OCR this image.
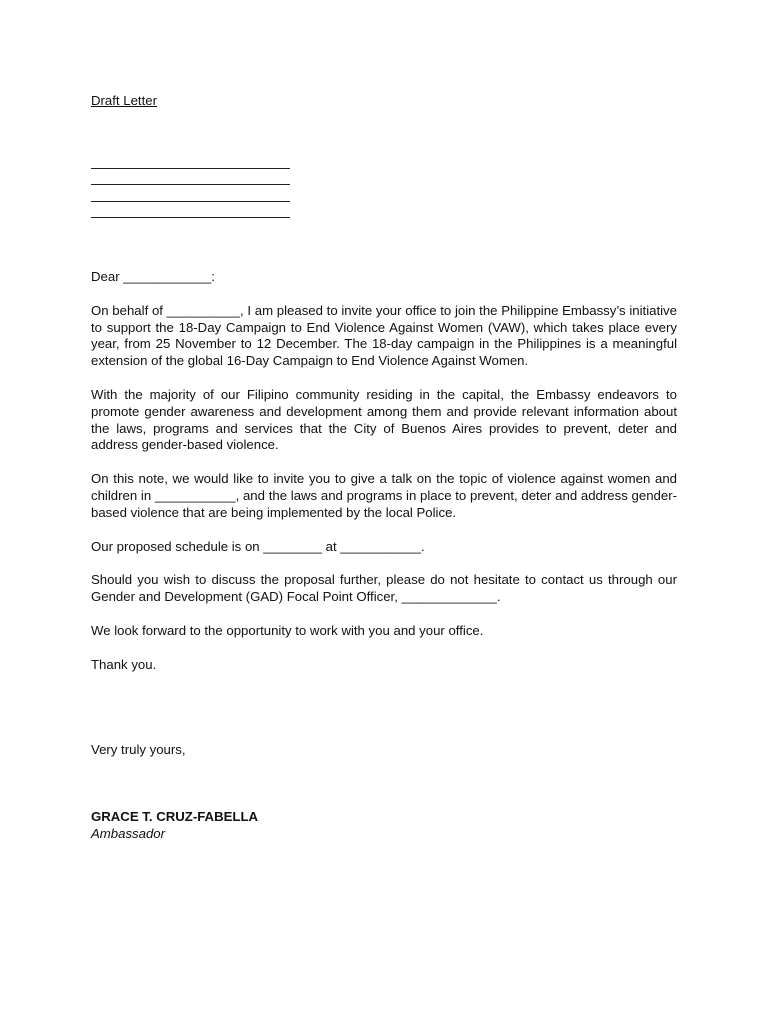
Draft Letter
Dear ____________:

On behalf of __________, I am pleased to invite your office to join the Philippine Embassy’s initiative to support the 18-Day Campaign to End Violence Against Women (VAW), which takes place every year, from 25 November to 12 December. The 18-day campaign in the Philippines is a meaningful extension of the global 16-Day Campaign to End Violence Against Women.

With the majority of our Filipino community residing in the capital, the Embassy endeavors to promote gender awareness and development among them and provide relevant information about the laws, programs and services that the City of Buenos Aires provides to prevent, deter and address gender-based violence.

On this note, we would like to invite you to give a talk on the topic of violence against women and children in ___________, and the laws and programs in place to prevent, deter and address gender-based violence that are being implemented by the local Police.

Our proposed schedule is on ________ at ___________.

Should you wish to discuss the proposal further, please do not hesitate to contact us through our Gender and Development (GAD) Focal Point Officer, _____________.

We look forward to the opportunity to work with you and your office.

Thank you.

Very truly yours,
GRACE T. CRUZ-FABELLA
Ambassador
